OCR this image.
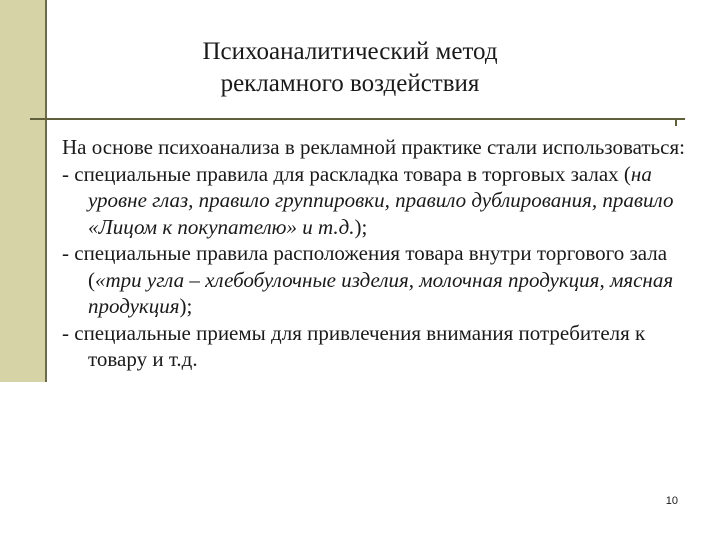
Психоаналитический метод
рекламного воздействия

На основе психоанализа в рекламной практике стали использоваться:

- специальные правила для раскладка товара в торговых залах (на уровне глаз, правило группировки, правило дублирования, правило «Лицом к покупателю» и т.д.);

- специальные правила расположения товара внутри торгового зала («три угла – хлебобулочные изделия, молочная продукция, мясная продукция);

- специальные приемы для привлечения внимания потребителя к товару и т.д.

10
